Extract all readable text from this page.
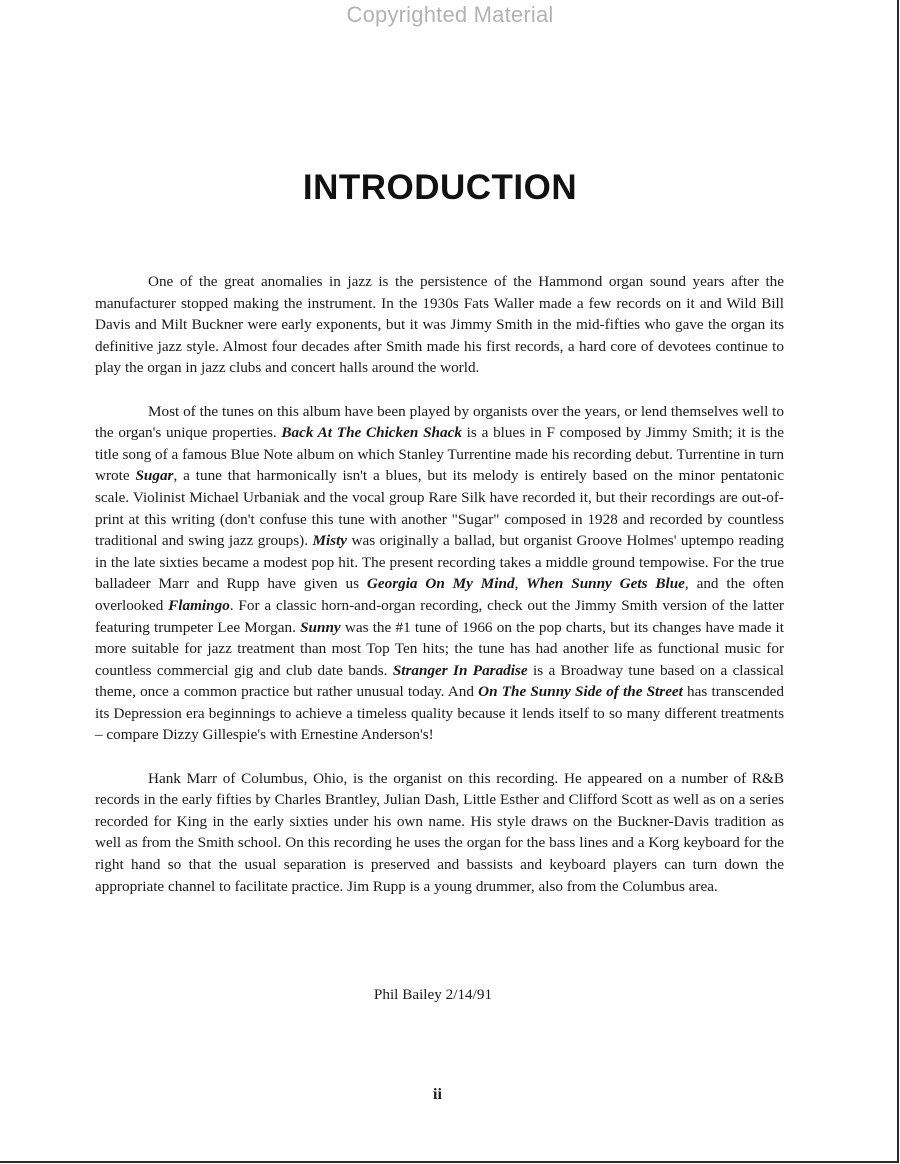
Copyrighted Material
INTRODUCTION

One of the great anomalies in jazz is the persistence of the Hammond organ sound years after the manufacturer stopped making the instrument. In the 1930s Fats Waller made a few records on it and Wild Bill Davis and Milt Buckner were early exponents, but it was Jimmy Smith in the mid-fifties who gave the organ its definitive jazz style. Almost four decades after Smith made his first records, a hard core of devotees continue to play the organ in jazz clubs and concert halls around the world.

Most of the tunes on this album have been played by organists over the years, or lend themselves well to the organ's unique properties. Back At The Chicken Shack is a blues in F composed by Jimmy Smith; it is the title song of a famous Blue Note album on which Stanley Turrentine made his recording debut. Turrentine in turn wrote Sugar, a tune that harmonically isn't a blues, but its melody is entirely based on the minor pentatonic scale. Violinist Michael Urbaniak and the vocal group Rare Silk have recorded it, but their recordings are out-of-print at this writing (don't confuse this tune with another "Sugar" composed in 1928 and recorded by countless traditional and swing jazz groups). Misty was originally a ballad, but organist Groove Holmes' uptempo reading in the late sixties became a modest pop hit. The present recording takes a middle ground tempowise. For the true balladeer Marr and Rupp have given us Georgia On My Mind, When Sunny Gets Blue, and the often overlooked Flamingo. For a classic horn-and-organ recording, check out the Jimmy Smith version of the latter featuring trumpeter Lee Morgan. Sunny was the #1 tune of 1966 on the pop charts, but its changes have made it more suitable for jazz treatment than most Top Ten hits; the tune has had another life as functional music for countless commercial gig and club date bands. Stranger In Paradise is a Broadway tune based on a classical theme, once a common practice but rather unusual today. And On The Sunny Side of the Street has transcended its Depression era beginnings to achieve a timeless quality because it lends itself to so many different treatments – compare Dizzy Gillespie's with Ernestine Anderson's!

Hank Marr of Columbus, Ohio, is the organist on this recording. He appeared on a number of R&B records in the early fifties by Charles Brantley, Julian Dash, Little Esther and Clifford Scott as well as on a series recorded for King in the early sixties under his own name. His style draws on the Buckner-Davis tradition as well as from the Smith school. On this recording he uses the organ for the bass lines and a Korg keyboard for the right hand so that the usual separation is preserved and bassists and keyboard players can turn down the appropriate channel to facilitate practice. Jim Rupp is a young drummer, also from the Columbus area.

Phil Bailey 2/14/91
ii
